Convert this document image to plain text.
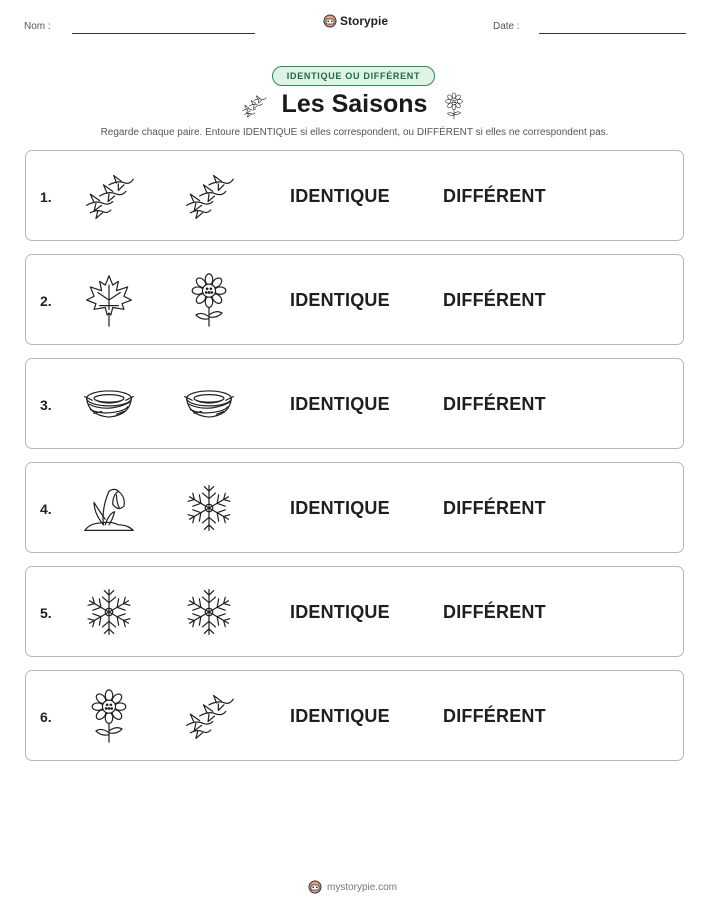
Nom :	Storypie	Date :
IDENTIQUE OU DIFFÉRENT
Les Saisons
Regarde chaque paire. Entoure IDENTIQUE si elles correspondent, ou DIFFÉRENT si elles ne correspondent pas.
1.	IDENTIQUE	DIFFÉRENT
2.	IDENTIQUE	DIFFÉRENT
3.	IDENTIQUE	DIFFÉRENT
4.	IDENTIQUE	DIFFÉRENT
5.	IDENTIQUE	DIFFÉRENT
6.	IDENTIQUE	DIFFÉRENT
mystorypie.com
